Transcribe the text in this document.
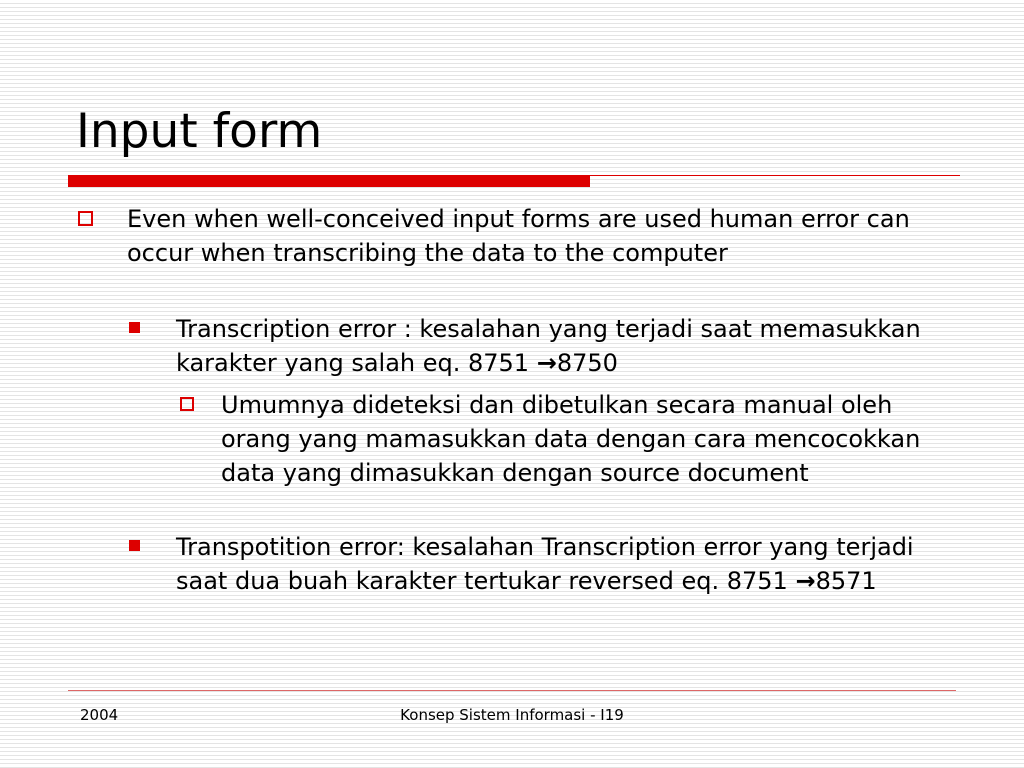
Input form
Even when well-conceived input forms are used human error can occur when transcribing the data to the computer
Transcription error : kesalahan yang terjadi saat memasukkan karakter yang salah eq. 8751 →8750
Umumnya dideteksi dan dibetulkan secara manual oleh orang yang mamasukkan data dengan cara mencocokkan data yang dimasukkan dengan source document
Transpotition error: kesalahan Transcription error yang terjadi saat dua buah karakter tertukar reversed eq. 8751 →8571
2004	Konsep Sistem Informasi - I19
